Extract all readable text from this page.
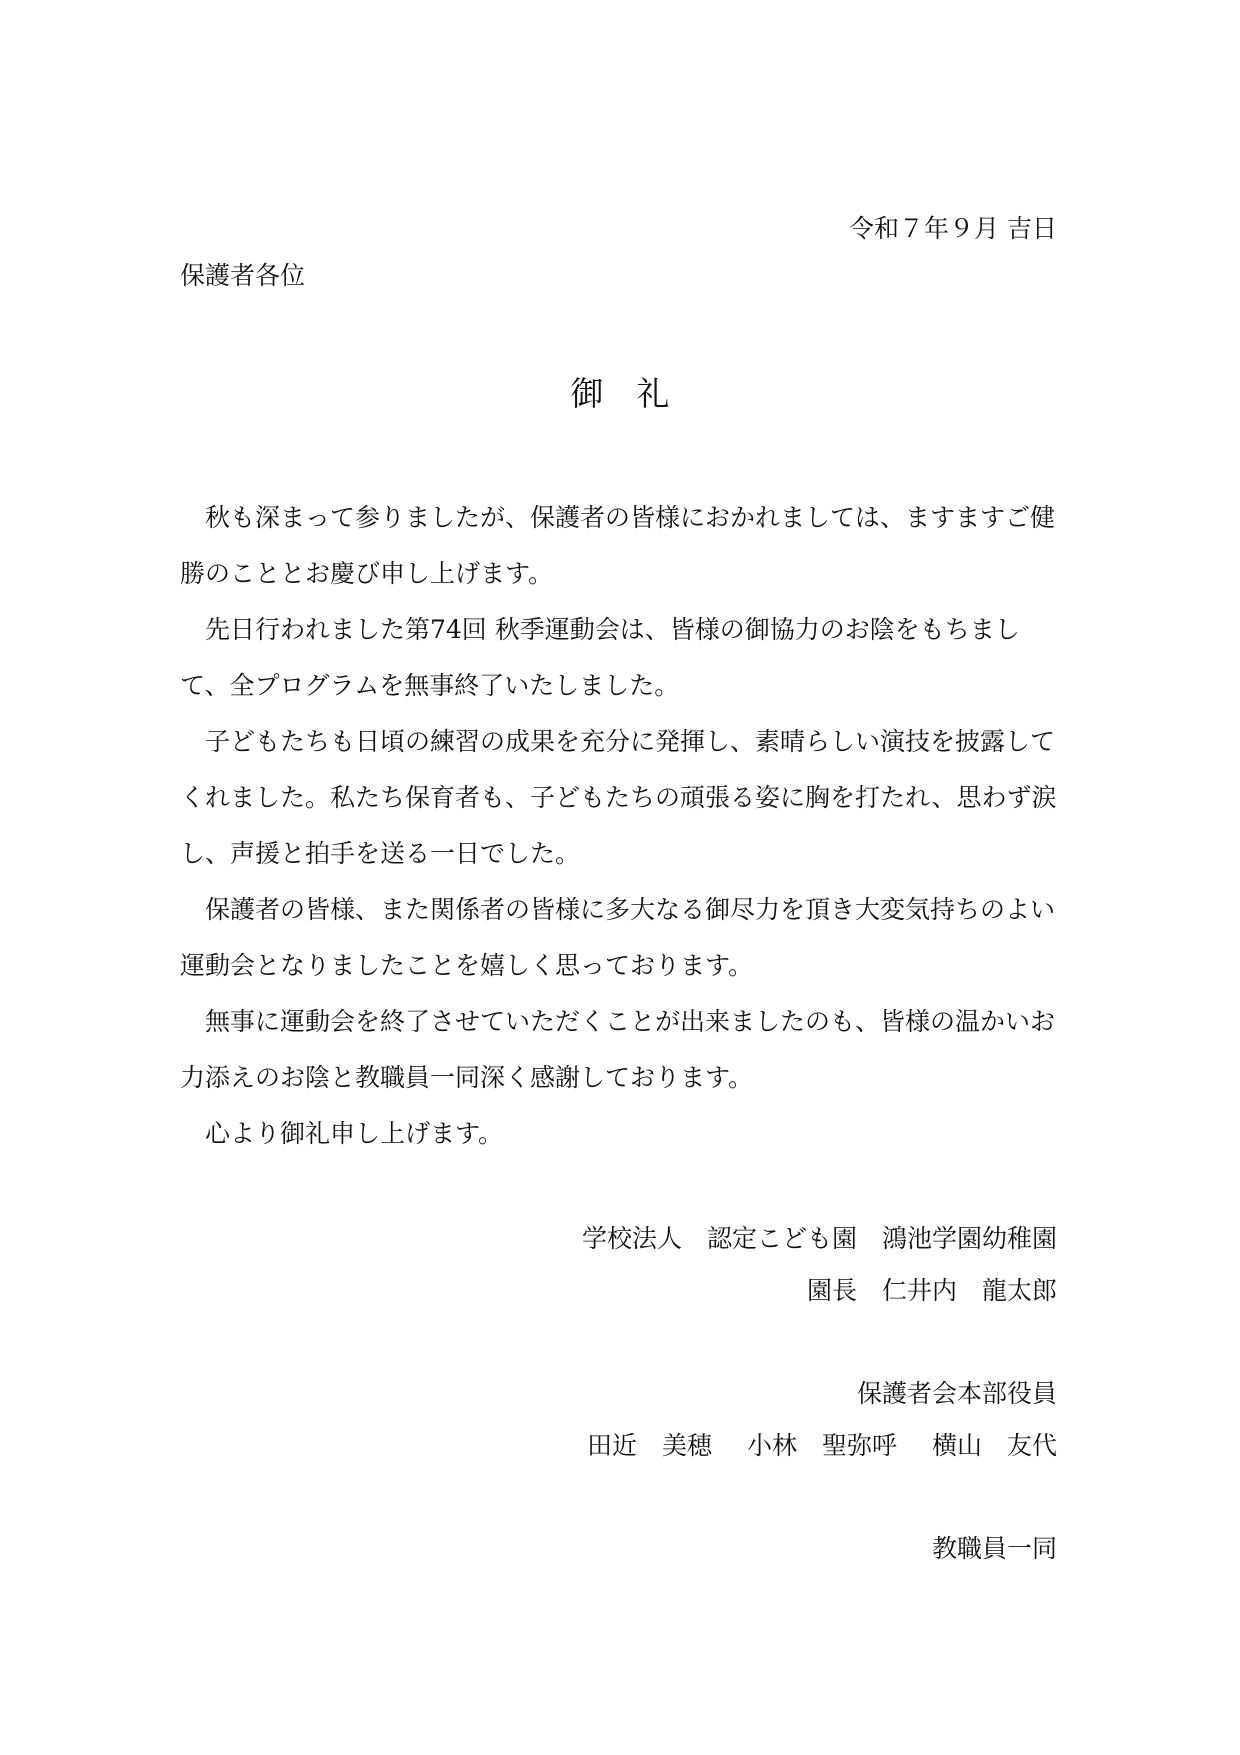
令和７年９月 吉日
保護者各位
御　礼

秋も深まって参りましたが、保護者の皆様におかれましては、ますますご健勝のこととお慶び申し上げます。

先日行われました第74回 秋季運動会は、皆様の御協力のお陰をもちまして、全プログラムを無事終了いたしました。

子どもたちも日頃の練習の成果を充分に発揮し、素晴らしい演技を披露してくれました。私たち保育者も、子どもたちの頑張る姿に胸を打たれ、思わず涙し、声援と拍手を送る一日でした。

保護者の皆様、また関係者の皆様に多大なる御尽力を頂き大変気持ちのよい運動会となりましたことを嬉しく思っております。

無事に運動会を終了させていただくことが出来ましたのも、皆様の温かいお力添えのお陰と教職員一同深く感謝しております。

心より御礼申し上げます。

学校法人　認定こども園　鴻池学園幼稚園
園長　仁井内　龍太郎
保護者会本部役員
田近　美穂 小林　聖弥呼 横山　友代
教職員一同
